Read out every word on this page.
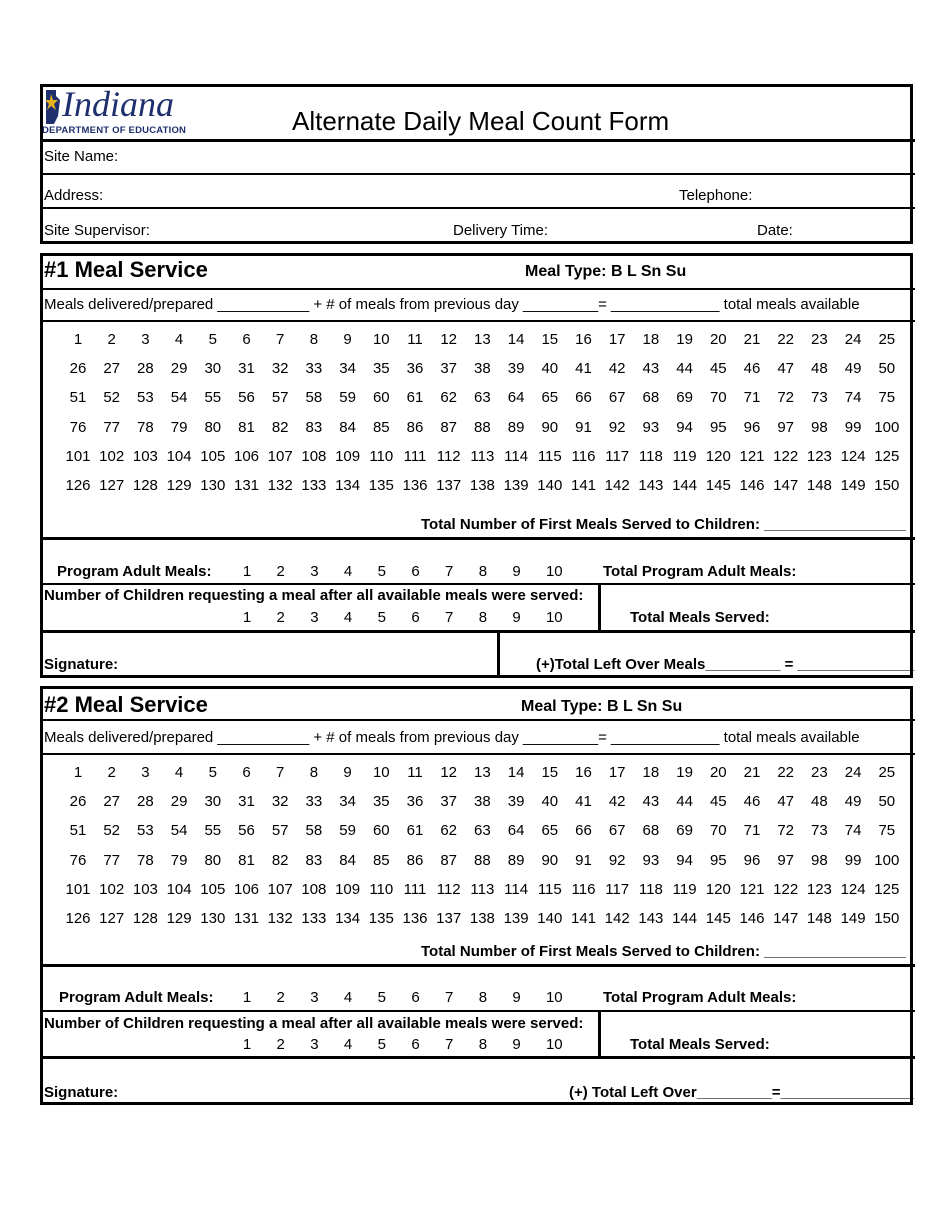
Indiana
DEPARTMENT OF EDUCATION	Alternate Daily Meal Count Form
Site Name:
Address:	Telephone:
Site Supervisor:	Delivery Time:	Date:
#1 Meal Service	Meal Type: B L Sn Su
Meals delivered/prepared ___________ + # of meals from previous day _________= _____________ total meals available
1	2	3	4	5	6	7	8	9	10	11	12	13	14	15	16	17	18	19	20	21	22	23	24	25
26	27	28	29	30	31	32	33	34	35	36	37	38	39	40	41	42	43	44	45	46	47	48	49	50
51	52	53	54	55	56	57	58	59	60	61	62	63	64	65	66	67	68	69	70	71	72	73	74	75
76	77	78	79	80	81	82	83	84	85	86	87	88	89	90	91	92	93	94	95	96	97	98	99 100
101 102 103 104 105 106 107 108 109 110 111 112 113 114 115 116 117 118 119 120 121 122 123 124 125
126 127 128 129 130 131 132 133 134 135 136 137 138 139 140 141 142 143 144 145 146 147 148 149 150
Total Number of First Meals Served to Children: _________________
Program Adult Meals:	1	2	3	4	5	6	7	8	9	10	Total Program Adult Meals:
Number of Children requesting a meal after all available meals were served:
1	2	3	4	5	6	7	8	9	10	Total Meals Served:
Signature:	(+)Total Left Over Meals_________ = ______________
#2 Meal Service	Meal Type: B L Sn Su
Meals delivered/prepared ___________ + # of meals from previous day _________= _____________ total meals available
1	2	3	4	5	6	7	8	9	10	11	12	13	14	15	16	17	18	19	20	21	22	23	24	25
26	27	28	29	30	31	32	33	34	35	36	37	38	39	40	41	42	43	44	45	46	47	48	49	50
51	52	53	54	55	56	57	58	59	60	61	62	63	64	65	66	67	68	69	70	71	72	73	74	75
76	77	78	79	80	81	82	83	84	85	86	87	88	89	90	91	92	93	94	95	96	97	98	99 100
101 102 103 104 105 106 107 108 109 110 111 112 113 114 115 116 117 118 119 120 121 122 123 124 125
126 127 128 129 130 131 132 133 134 135 136 137 138 139 140 141 142 143 144 145 146 147 148 149 150
Total Number of First Meals Served to Children: _________________
Program Adult Meals:	1	2	3	4	5	6	7	8	9	10	Total Program Adult Meals:
Number of Children requesting a meal after all available meals were served:
1	2	3	4	5	6	7	8	9	10	Total Meals Served:
Signature:	(+) Total Left Over_________=________________
